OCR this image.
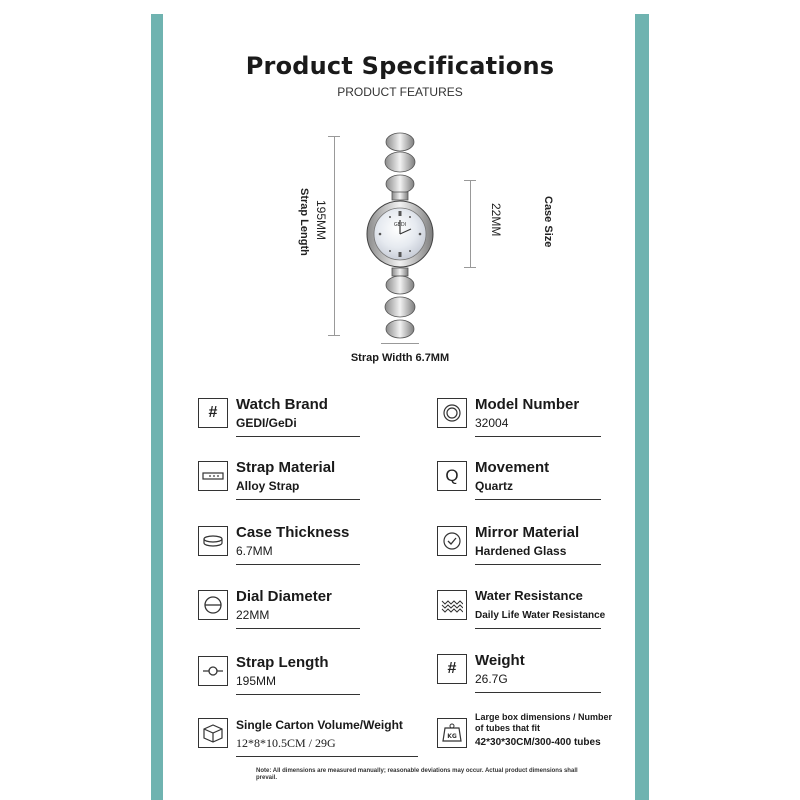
Product Specifications
PRODUCT FEATURES
195MM
Strap Length	22MM	Case Size
GEDI
Strap Width 6.7MM
#	Watch Brand
GEDI/GeDi
Strap Material
Alloy Strap
Case Thickness
6.7MM
Dial Diameter
22MM
Strap Length
195MM
Single Carton Volume/Weight
12*8*10.5CM / 29G
Model Number
32004
Q	Movement
Quartz
Mirror Material
Hardened Glass
Water Resistance
Daily Life Water Resistance
#	Weight
26.7G
KG
Large box dimensions / Number of tubes that fit
42*30*30CM/300-400 tubes
Note: All dimensions are measured manually; reasonable deviations may occur. Actual product dimensions shall prevail.
